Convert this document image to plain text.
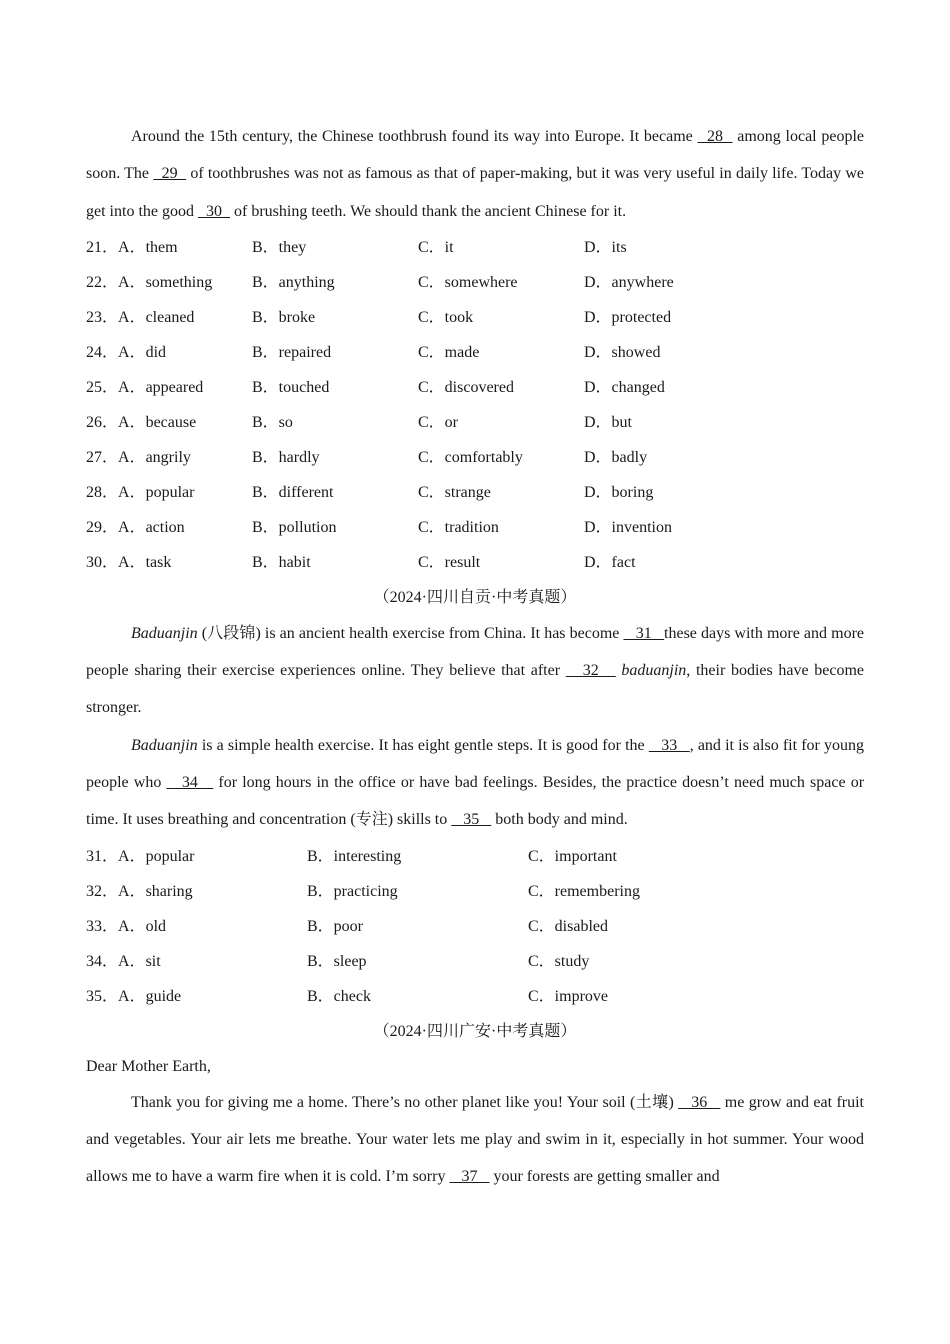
Around the 15th century, the Chinese toothbrush found its way into Europe. It became   28   among local people soon. The   29   of toothbrushes was not as famous as that of paper-making, but it was very useful in daily life. Today we get into the good   30   of brushing teeth. We should thank the ancient Chinese for it.

21．A．them	B．they	C．it	D．its
22．A．something B．anything	C．somewhere	D．anywhere
23．A．cleaned	B．broke	C．took	D．protected
24．A．did	B．repaired	C．made	D．showed
25．A．appeared	B．touched	C．discovered	D．changed
26．A．because	B．so	C．or	D．but
27．A．angrily	B．hardly	C．comfortably	D．badly
28．A．popular	B．different	C．strange	D．boring
29．A．action	B．pollution	C．tradition	D．invention
30．A．task	B．habit	C．result	D．fact
（2024·四川自贡·中考真题）

Baduanjin (八段锦) is an ancient health exercise from China. It has become    31   these days with more and more people sharing their exercise experiences online. They believe that after    32    baduanjin, their bodies have become stronger.

Baduanjin is a simple health exercise. It has eight gentle steps. It is good for the    33   , and it is also fit for young people who    34    for long hours in the office or have bad feelings. Besides, the practice doesn’t need much space or time. It uses breathing and concentration (专注) skills to    35    both body and mind.

31．A．popular	B．interesting	C．important
32．A．sharing	B．practicing	C．remembering
33．A．old	B．poor	C．disabled
34．A．sit	B．sleep	C．study
35．A．guide	B．check	C．improve
（2024·四川广安·中考真题）

Dear Mother Earth,

Thank you for giving me a home. There’s no other planet like you! Your soil (土壤)    36    me grow and eat fruit and vegetables. Your air lets me breathe. Your water lets me play and swim in it, especially in hot summer. Your wood allows me to have a warm fire when it is cold. I’m sorry    37    your forests are getting smaller and
